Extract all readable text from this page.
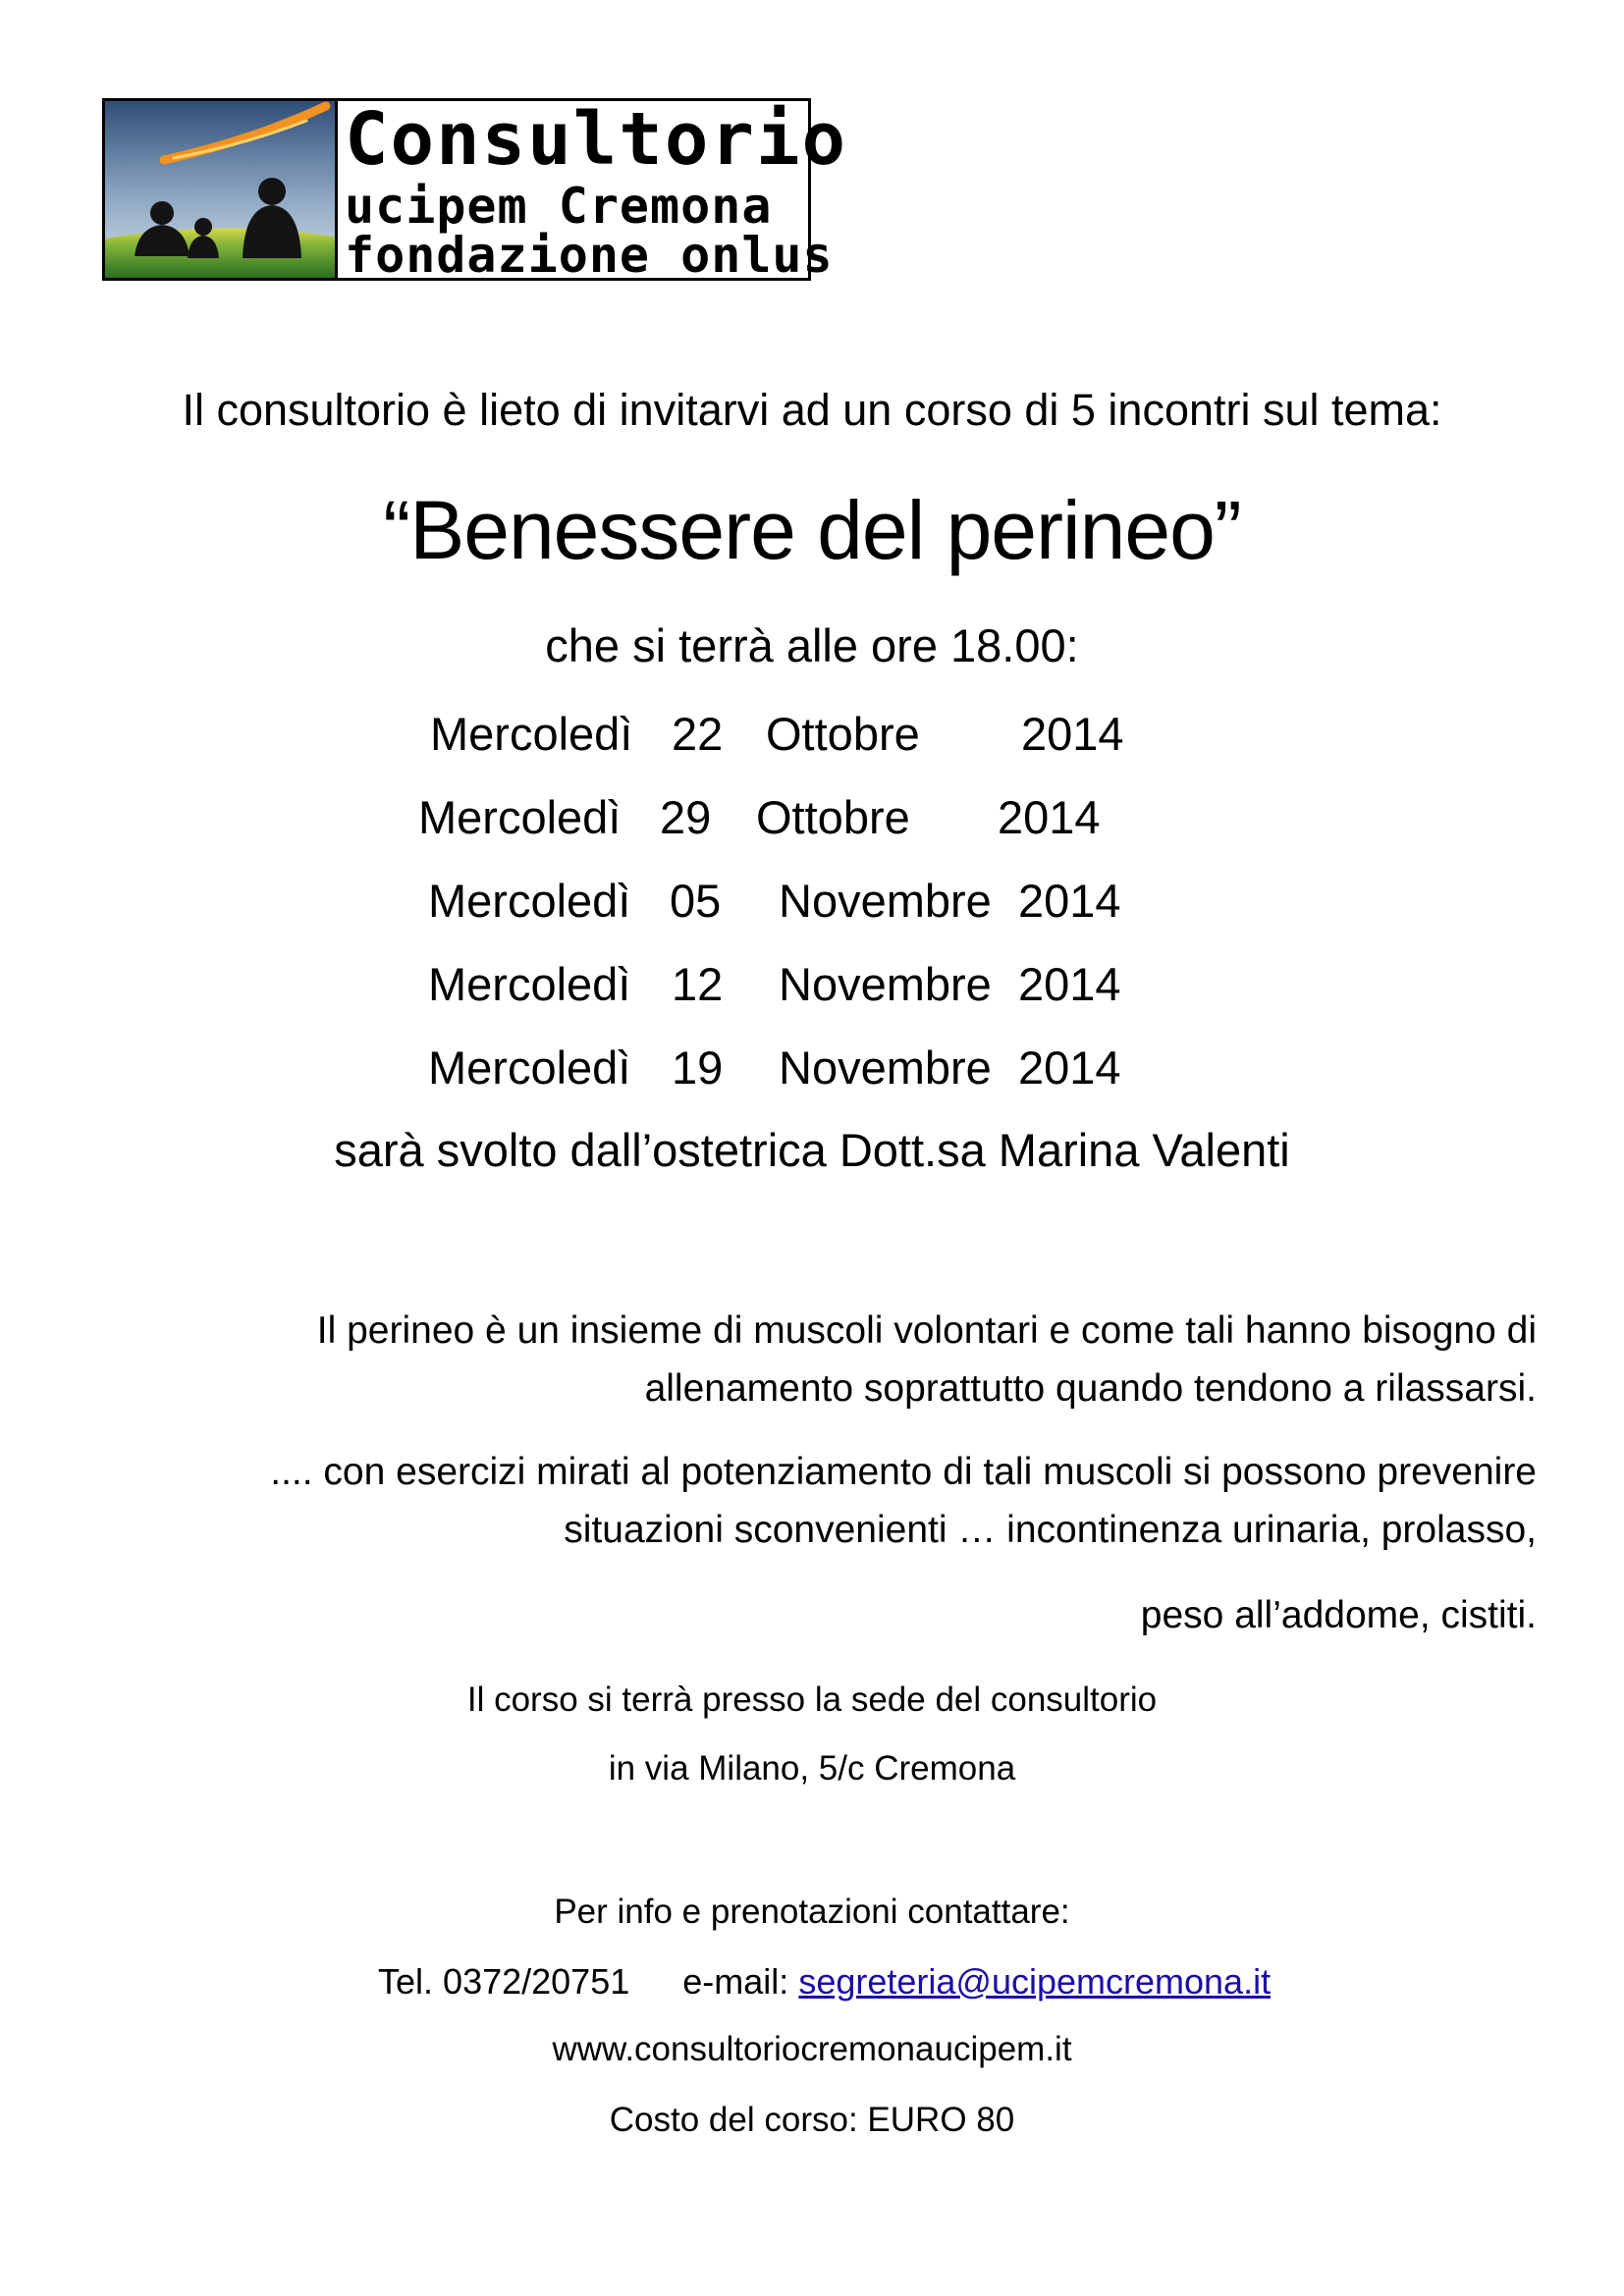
Consultorio
ucipem Cremona
fondazione onlus
Il consultorio è lieto di invitarvi ad un corso di 5 incontri sul tema:
“Benessere del perineo”
che si terrà alle ore 18.00:
Mercoledì 22 Ottobre 2014
Mercoledì 29 Ottobre 2014
Mercoledì 05 Novembre 2014
Mercoledì 12 Novembre 2014
Mercoledì 19 Novembre 2014
sarà svolto dall’ostetrica Dott.sa Marina Valenti
Il perineo è un insieme di muscoli volontari e come tali hanno bisogno di
allenamento soprattutto quando tendono a rilassarsi.
.... con esercizi mirati al potenziamento di tali muscoli si possono prevenire
situazioni sconvenienti … incontinenza urinaria, prolasso,
peso all’addome, cistiti.
Il corso si terrà presso la sede del consultorio
in via Milano, 5/c Cremona
Per info e prenotazioni contattare:
Tel. 0372/20751 e-mail: segreteria@ucipemcremona.it
www.consultoriocremonaucipem.it
Costo del corso: EURO 80
